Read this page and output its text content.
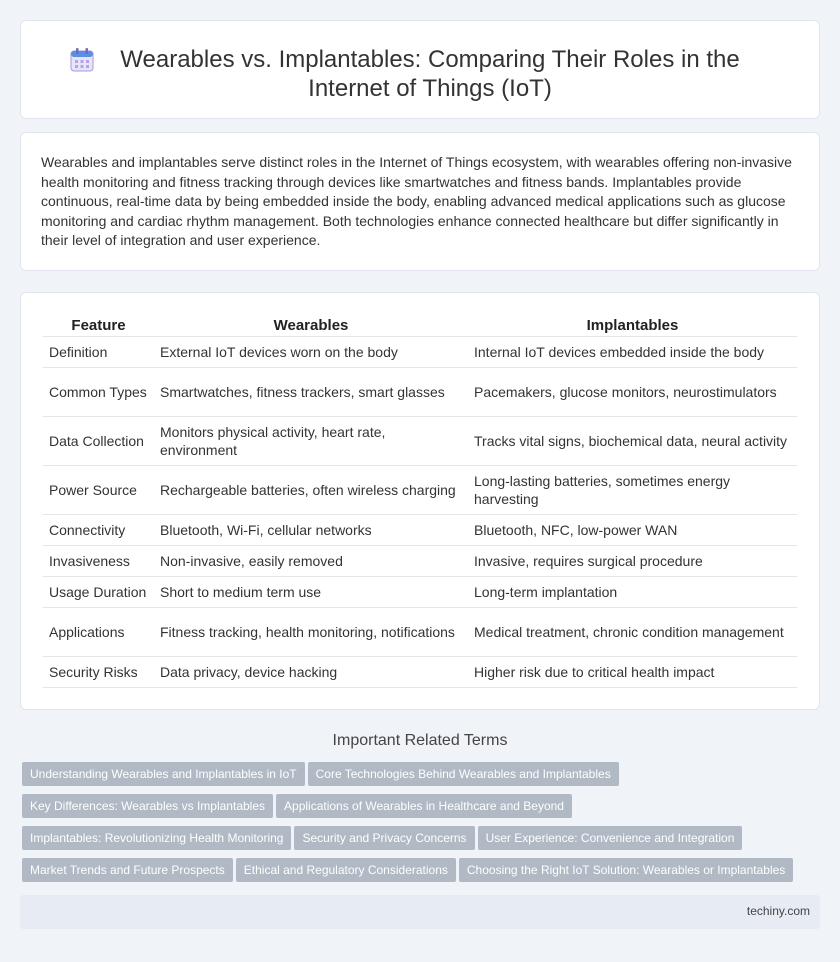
Wearables vs. Implantables: Comparing Their Roles in the Internet of Things (IoT)

Wearables and implantables serve distinct roles in the Internet of Things ecosystem, with wearables offering non-invasive health monitoring and fitness tracking through devices like smartwatches and fitness bands. Implantables provide continuous, real-time data by being embedded inside the body, enabling advanced medical applications such as glucose monitoring and cardiac rhythm management. Both technologies enhance connected healthcare but differ significantly in their level of integration and user experience.

Feature	Wearables	Implantables
Definition	External IoT devices worn on the body	Internal IoT devices embedded inside the body
Common Types	Smartwatches, fitness trackers, smart glasses	Pacemakers, glucose monitors, neurostimulators
Data Collection	Monitors physical activity, heart rate, environment	Tracks vital signs, biochemical data, neural activity
Power Source	Rechargeable batteries, often wireless charging	Long-lasting batteries, sometimes energy harvesting
Connectivity	Bluetooth, Wi-Fi, cellular networks	Bluetooth, NFC, low-power WAN
Invasiveness	Non-invasive, easily removed	Invasive, requires surgical procedure
Usage Duration	Short to medium term use	Long-term implantation
Applications	Fitness tracking, health monitoring, notifications	Medical treatment, chronic condition management
Security Risks	Data privacy, device hacking	Higher risk due to critical health impact
Important Related Terms
Understanding Wearables and Implantables in IoT Core Technologies Behind Wearables and Implantables
Key Differences: Wearables vs Implantables Applications of Wearables in Healthcare and Beyond
Implantables: Revolutionizing Health Monitoring Security and Privacy Concerns User Experience: Convenience and Integration
Market Trends and Future Prospects Ethical and Regulatory Considerations Choosing the Right IoT Solution: Wearables or Implantables
techiny.com
